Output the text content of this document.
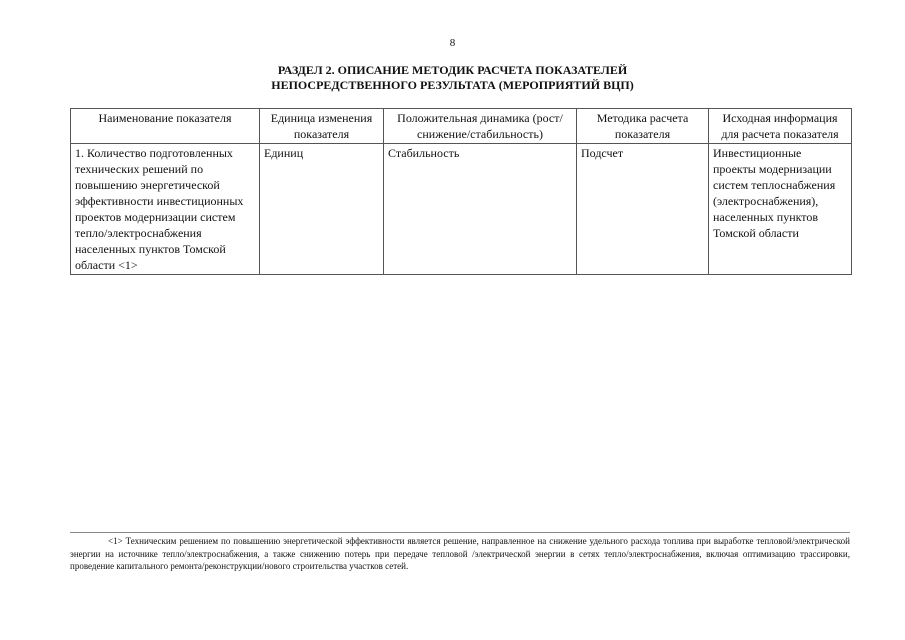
8
РАЗДЕЛ 2. ОПИСАНИЕ МЕТОДИК РАСЧЕТА ПОКАЗАТЕЛЕЙ
НЕПОСРЕДСТВЕННОГО РЕЗУЛЬТАТА (МЕРОПРИЯТИЙ ВЦП)
Наименование показателя	Единица изменения показателя	Положительная динамика (рост/снижение/стабильность)	Методика расчета показателя	Исходная информация для расчета показателя
1. Количество подготовленных технических решений по повышению энергетической эффективности инвестиционных проектов модернизации систем тепло/электроснабжения населенных пунктов Томской области <1>	Единиц	Стабильность	Подсчет	Инвестиционные проекты модернизации систем теплоснабжения (электроснабжения), населенных пунктов Томской области
<1> Техническим решением по повышению энергетической эффективности является решение, направленное на снижение удельного расхода топлива при выработке тепловой/электрической энергии на источнике тепло/электроснабжения, а также снижению потерь при передаче тепловой /электрической энергии в сетях тепло/электроснабжения, включая оптимизацию трассировки, проведение капитального ремонта/реконструкции/нового строительства участков сетей.
